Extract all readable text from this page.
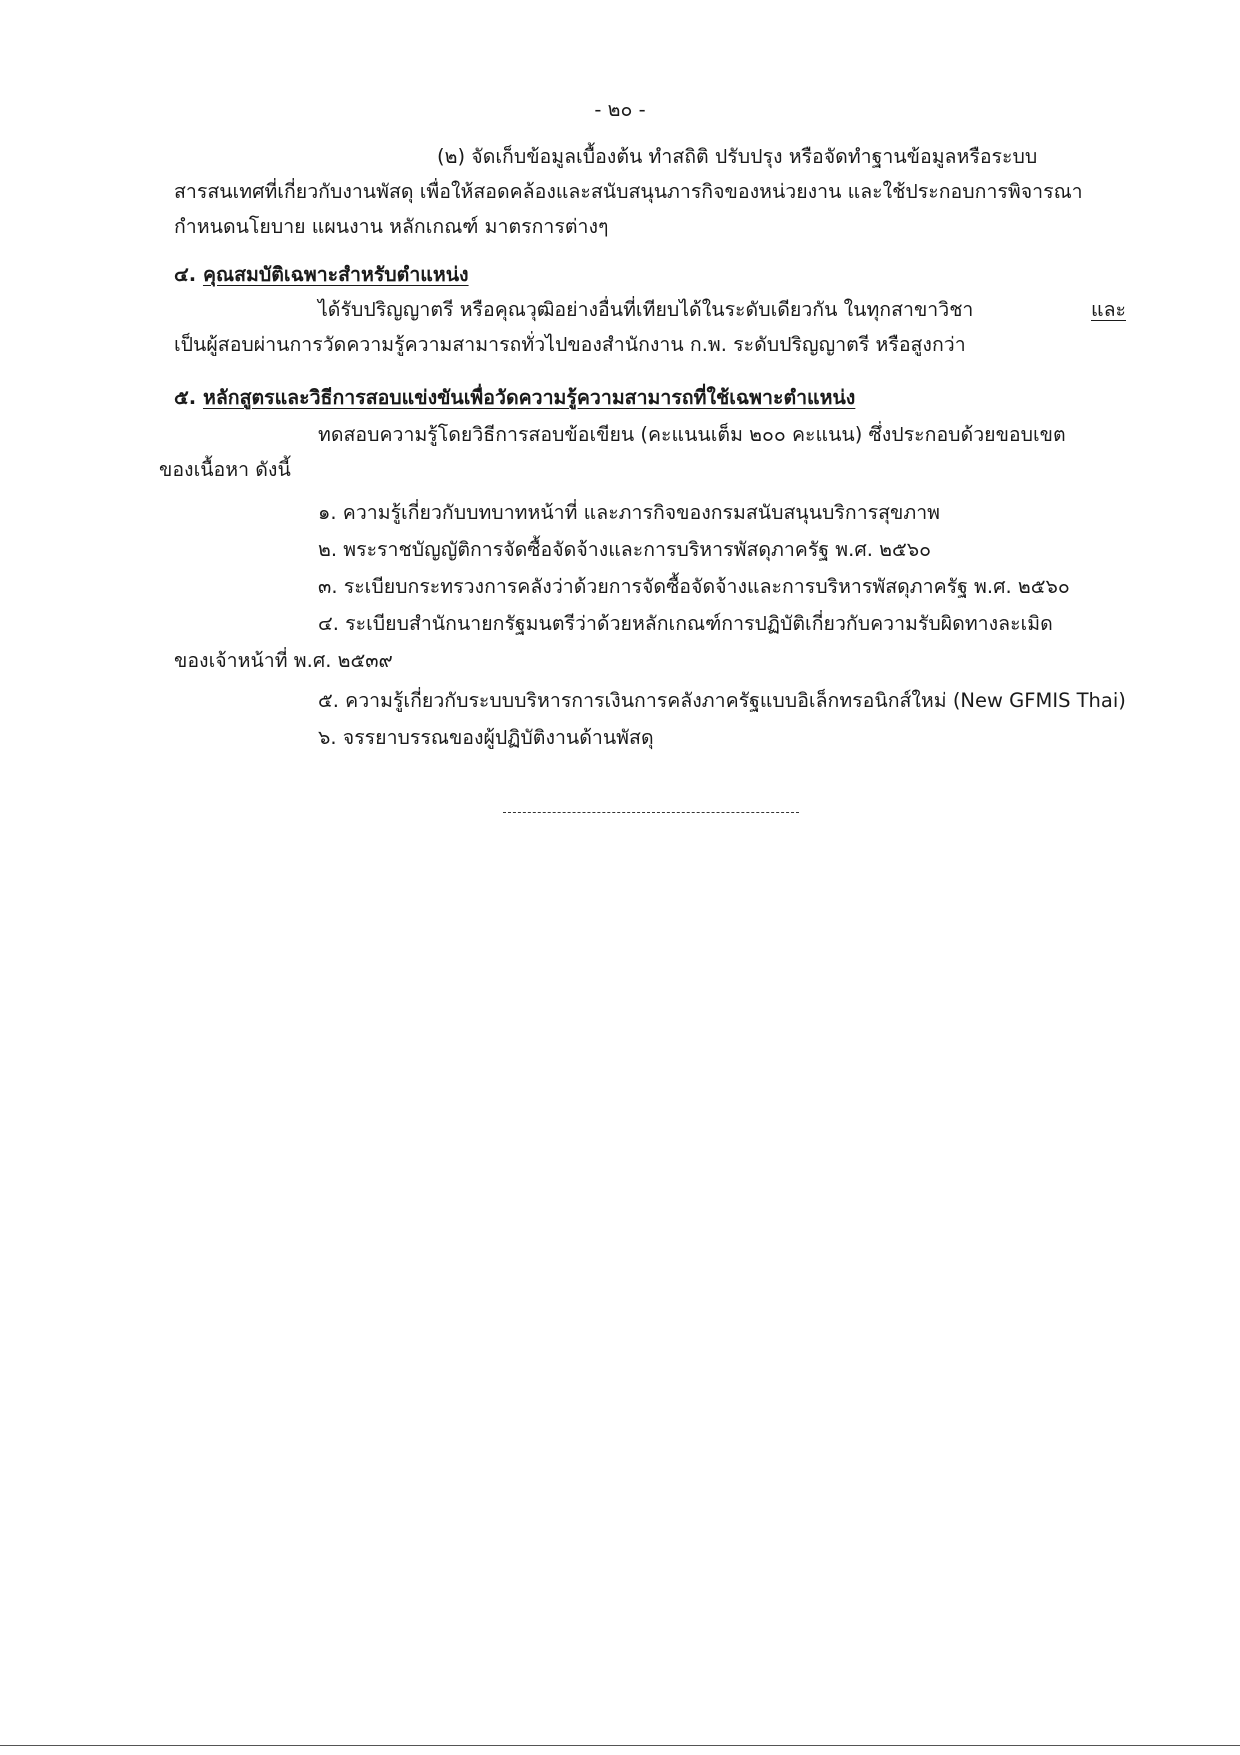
- ๒๐ -
(๒) จัดเก็บข้อมูลเบื้องต้น ทำสถิติ ปรับปรุง หรือจัดทำฐานข้อมูลหรือระบบ
สารสนเทศที่เกี่ยวกับงานพัสดุ เพื่อให้สอดคล้องและสนับสนุนภารกิจของหน่วยงาน และใช้ประกอบการพิจารณา
กำหนดนโยบาย แผนงาน หลักเกณฑ์ มาตรการต่างๆ
๔. คุณสมบัติเฉพาะสำหรับตำแหน่ง
ได้รับปริญญาตรี หรือคุณวุฒิอย่างอื่นที่เทียบได้ในระดับเดียวกัน ในทุกสาขาวิชา	และ
เป็นผู้สอบผ่านการวัดความรู้ความสามารถทั่วไปของสำนักงาน ก.พ. ระดับปริญญาตรี หรือสูงกว่า
๕. หลักสูตรและวิธีการสอบแข่งขันเพื่อวัดความรู้ความสามารถที่ใช้เฉพาะตำแหน่ง
ทดสอบความรู้โดยวิธีการสอบข้อเขียน (คะแนนเต็ม ๒๐๐ คะแนน) ซึ่งประกอบด้วยขอบเขต
ของเนื้อหา ดังนี้
๑. ความรู้เกี่ยวกับบทบาทหน้าที่ และภารกิจของกรมสนับสนุนบริการสุขภาพ
๒. พระราชบัญญัติการจัดซื้อจัดจ้างและการบริหารพัสดุภาครัฐ พ.ศ. ๒๕๖๐
๓. ระเบียบกระทรวงการคลังว่าด้วยการจัดซื้อจัดจ้างและการบริหารพัสดุภาครัฐ พ.ศ. ๒๕๖๐
๔. ระเบียบสำนักนายกรัฐมนตรีว่าด้วยหลักเกณฑ์การปฏิบัติเกี่ยวกับความรับผิดทางละเมิด
ของเจ้าหน้าที่ พ.ศ. ๒๕๓๙
๕. ความรู้เกี่ยวกับระบบบริหารการเงินการคลังภาครัฐแบบอิเล็กทรอนิกส์ใหม่ (New GFMIS Thai)
๖. จรรยาบรรณของผู้ปฏิบัติงานด้านพัสดุ
